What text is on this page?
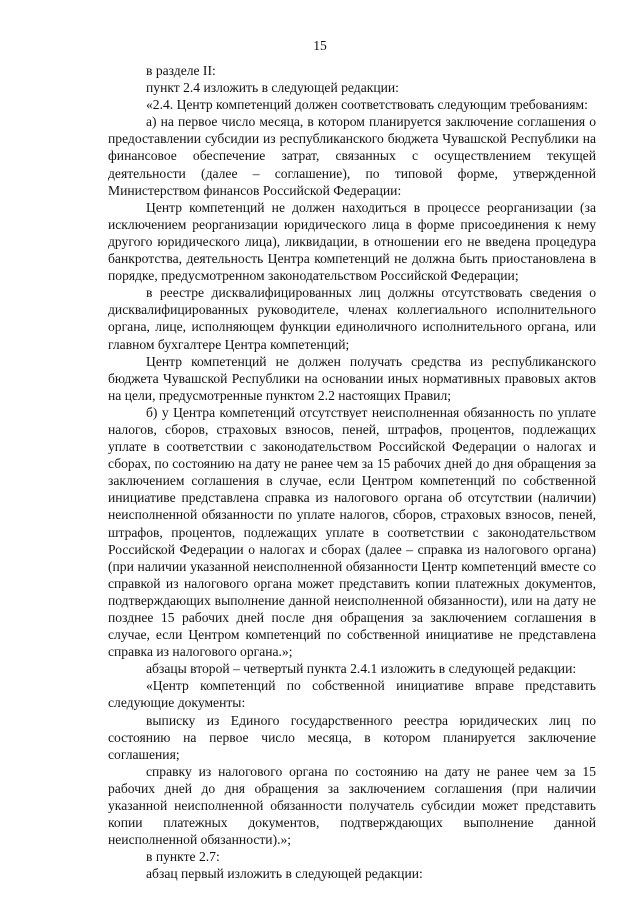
15

в разделе II:

пункт 2.4 изложить в следующей редакции:

«2.4. Центр компетенций должен соответствовать следующим требованиям:

а) на первое число месяца, в котором планируется заключение соглашения о предоставлении субсидии из республиканского бюджета Чувашской Республики на финансовое обеспечение затрат, связанных с осуществлением текущей деятельности (далее – соглашение), по типовой форме, утвержденной Министерством финансов Российской Федерации:

Центр компетенций не должен находиться в процессе реорганизации (за исключением реорганизации юридического лица в форме присоединения к нему другого юридического лица), ликвидации, в отношении его не введена процедура банкротства, деятельность Центра компетенций не должна быть приостановлена в порядке, предусмотренном законодательством Российской Федерации;

в реестре дисквалифицированных лиц должны отсутствовать сведения о дисквалифицированных руководителе, членах коллегиального исполнительного органа, лице, исполняющем функции единоличного исполнительного органа, или главном бухгалтере Центра компетенций;

Центр компетенций не должен получать средства из республиканского бюджета Чувашской Республики на основании иных нормативных правовых актов на цели, предусмотренные пунктом 2.2 настоящих Правил;

б) у Центра компетенций отсутствует неисполненная обязанность по уплате налогов, сборов, страховых взносов, пеней, штрафов, процентов, подлежащих уплате в соответствии с законодательством Российской Федерации о налогах и сборах, по состоянию на дату не ранее чем за 15 рабочих дней до дня обращения за заключением соглашения в случае, если Центром компетенций по собственной инициативе представлена справка из налогового органа об отсутствии (наличии) неисполненной обязанности по уплате налогов, сборов, страховых взносов, пеней, штрафов, процентов, подлежащих уплате в соответствии с законодательством Российской Федерации о налогах и сборах (далее – справка из налогового органа) (при наличии указанной неисполненной обязанности Центр компетенций вместе со справкой из налогового органа может представить копии платежных документов, подтверждающих выполнение данной неисполненной обязанности), или на дату не позднее 15 рабочих дней после дня обращения за заключением соглашения в случае, если Центром компетенций по собственной инициативе не представлена справка из налогового органа.»;

абзацы второй – четвертый пункта 2.4.1 изложить в следующей редакции:

«Центр компетенций по собственной инициативе вправе представить следующие документы:

выписку из Единого государственного реестра юридических лиц по состоянию на первое число месяца, в котором планируется заключение соглашения;

справку из налогового органа по состоянию на дату не ранее чем за 15 рабочих дней до дня обращения за заключением соглашения (при наличии указанной неисполненной обязанности получатель субсидии может представить копии платежных документов, подтверждающих выполнение данной неисполненной обязанности).»;

в пункте 2.7:

абзац первый изложить в следующей редакции:
